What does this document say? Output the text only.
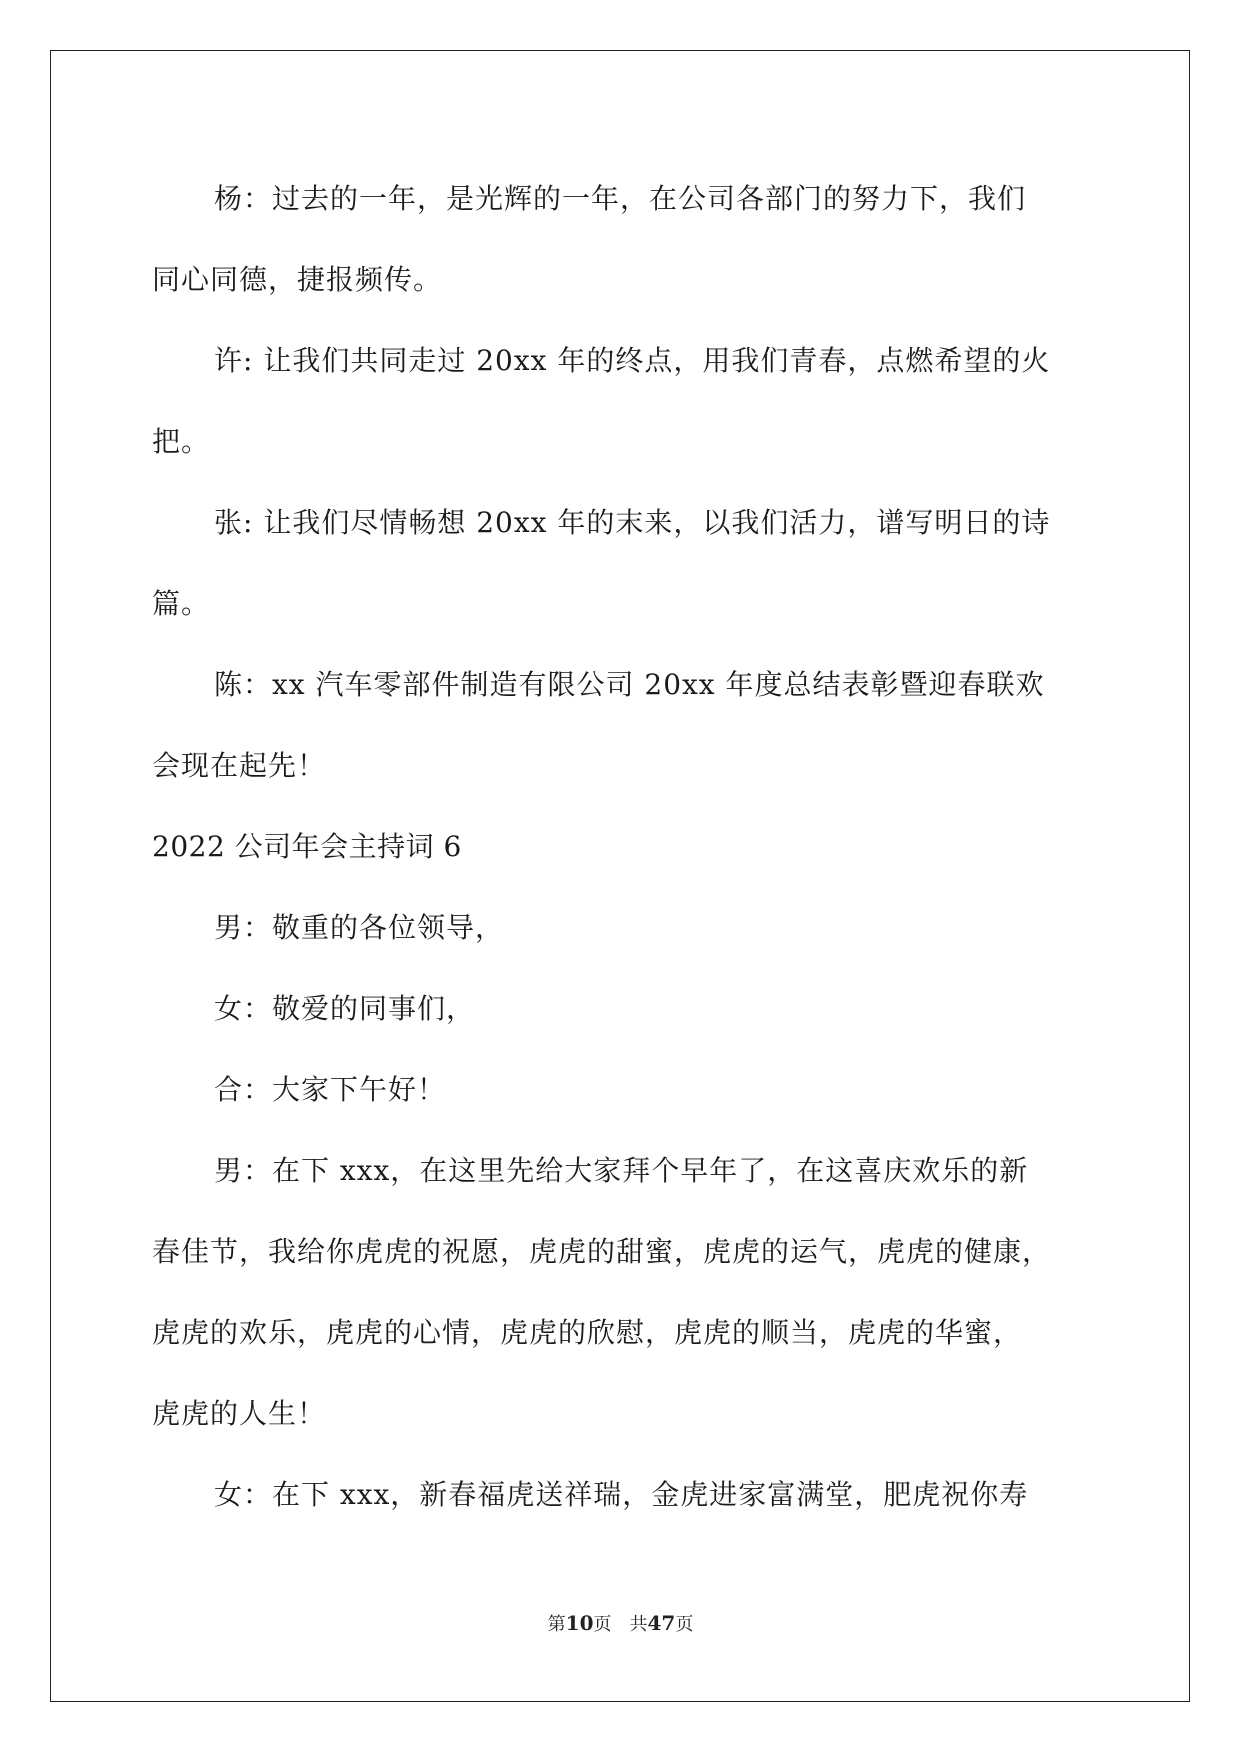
杨：过去的一年，是光辉的一年，在公司各部门的努力下，我们

同心同德，捷报频传。

许: 让我们共同走过 20xx 年的终点，用我们青春，点燃希望的火

把。

张: 让我们尽情畅想 20xx 年的末来，以我们活力，谱写明日的诗

篇。

陈：xx 汽车零部件制造有限公司 20xx 年度总结表彰暨迎春联欢

会现在起先！

2022 公司年会主持词 6

男：敬重的各位领导，

女：敬爱的同事们，

合：大家下午好！

男：在下 xxx，在这里先给大家拜个早年了，在这喜庆欢乐的新

春佳节，我给你虎虎的祝愿，虎虎的甜蜜，虎虎的运气，虎虎的健康，

虎虎的欢乐，虎虎的心情，虎虎的欣慰，虎虎的顺当，虎虎的华蜜，

虎虎的人生！

女：在下 xxx，新春福虎送祥瑞，金虎进家富满堂，肥虎祝你寿

第10页　共47页
